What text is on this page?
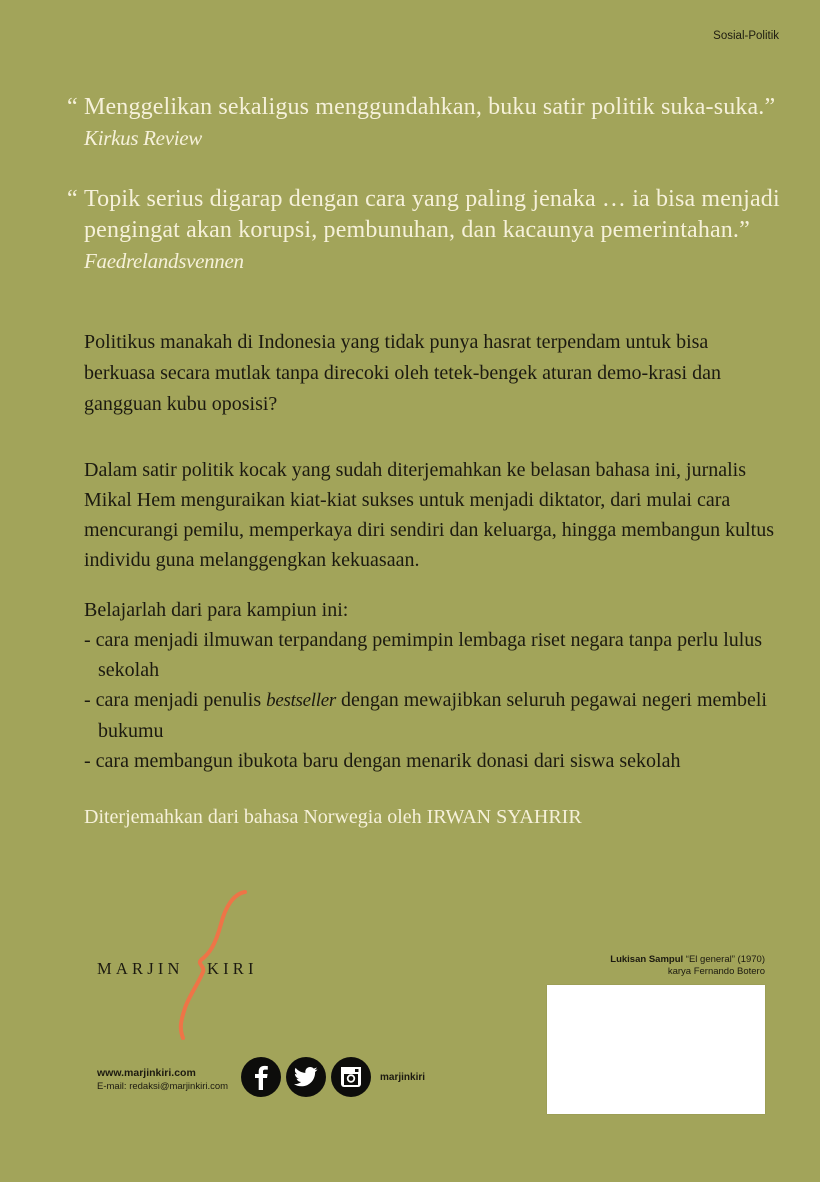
Sosial-Politik
“ Menggelikan sekaligus menggundahkan, buku satir politik suka-suka.” Kirkus Review
“ Topik serius digarap dengan cara yang paling jenaka … ia bisa menjadi pengingat akan korupsi, pembunuhan, dan kacaunya pemerintahan.” Faedrelandsvennen

Politikus manakah di Indonesia yang tidak punya hasrat terpendam untuk bisa berkuasa secara mutlak tanpa direcoki oleh tetek-bengek aturan demo-krasi dan gangguan kubu oposisi?

Dalam satir politik kocak yang sudah diterjemahkan ke belasan bahasa ini, jurnalis Mikal Hem menguraikan kiat-kiat sukses untuk menjadi diktator, dari mulai cara mencurangi pemilu, memperkaya diri sendiri dan keluarga, hingga membangun kultus individu guna melanggengkan kekuasaan.

Belajarlah dari para kampiun ini:

- cara menjadi ilmuwan terpandang pemimpin lembaga riset negara tanpa perlu lulus sekolah

- cara menjadi penulis bestseller dengan mewajibkan seluruh pegawai negeri membeli bukumu

- cara membangun ibukota baru dengan menarik donasi dari siswa sekolah

Diterjemahkan dari bahasa Norwegia oleh IRWAN SYAHRIR
MARJIN KIRI
www.marjinkiri.com
E-mail: redaksi@marjinkiri.com
marjinkiri
Lukisan Sampul “El general” (1970)
karya Fernando Botero
